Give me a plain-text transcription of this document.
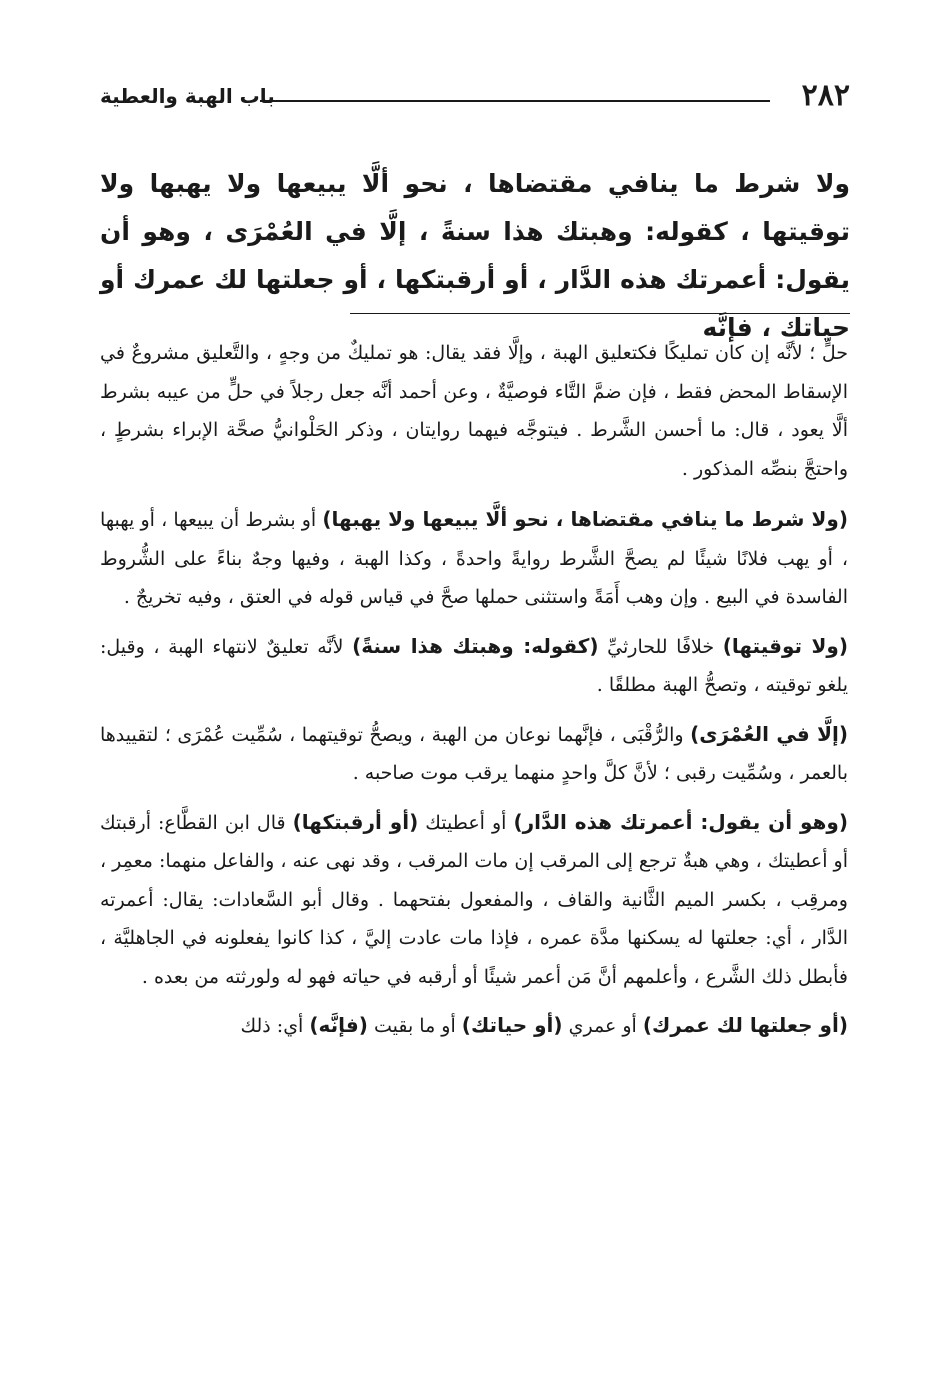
٢٨٢
باب الهبة والعطية
ولا شرط ما ينافي مقتضاها ، نحو ألَّا يبيعها ولا يهبها ولا توقيتها ، كقوله: وهبتك هذا سنةً ، إلَّا في العُمْرَى ، وهو أن يقول: أعمرتك هذه الدَّار ، أو أرقبتكها ، أو جعلتها لك عمرك أو حياتك ، فإنَّه

حلٍّ ؛ لأنَّه إن كان تمليكًا فكتعليق الهبة ، وإلَّا فقد يقال: هو تمليكٌ من وجهٍ ، والتَّعليق مشروعٌ في الإسقاط المحض فقط ، فإن ضمَّ التَّاء فوصيَّةٌ ، وعن أحمد أنَّه جعل رجلاً في حلٍّ من عيبه بشرط ألَّا يعود ، قال: ما أحسن الشَّرط . فيتوجَّه فيهما روايتان ، وذكر الحَلْوانيُّ صحَّة الإبراء بشرطٍ ، واحتجَّ بنصِّه المذكور .

(ولا شرط ما ينافي مقتضاها ، نحو ألَّا يبيعها ولا يهبها) أو بشرط أن يبيعها ، أو يهبها ، أو يهب فلانًا شيئًا لم يصحَّ الشَّرط روايةً واحدةً ، وكذا الهبة ، وفيها وجهٌ بناءً على الشُّروط الفاسدة في البيع . وإن وهب أَمَةً واستثنى حملها صحَّ في قياس قوله في العتق ، وفيه تخريجٌ .

(ولا توقيتها) خلافًا للحارثيِّ (كقوله: وهبتك هذا سنةً) لأنَّه تعليقٌ لانتهاء الهبة ، وقيل: يلغو توقيته ، وتصحُّ الهبة مطلقًا .

(إلَّا في العُمْرَى) والرُّقْبَى ، فإنَّهما نوعان من الهبة ، ويصحُّ توقيتهما ، سُمِّيت عُمْرَى ؛ لتقييدها بالعمر ، وسُمِّيت رقبى ؛ لأنَّ كلَّ واحدٍ منهما يرقب موت صاحبه .

(وهو أن يقول: أعمرتك هذه الدَّار) أو أعطيتك (أو أرقبتكها) قال ابن القطَّاع: أرقبتك أو أعطيتك ، وهي هبةٌ ترجع إلى المرقب إن مات المرقب ، وقد نهى عنه ، والفاعل منهما: معمِر ، ومرقِب ، بكسر الميم الثَّانية والقاف ، والمفعول بفتحهما . وقال أبو السَّعادات: يقال: أعمرته الدَّار ، أي: جعلتها له يسكنها مدَّة عمره ، فإذا مات عادت إليَّ ، كذا كانوا يفعلونه في الجاهليَّة ، فأبطل ذلك الشَّرع ، وأعلمهم أنَّ مَن أعمر شيئًا أو أرقبه في حياته فهو له ولورثته من بعده .

(أو جعلتها لك عمرك) أو عمري (أو حياتك) أو ما بقيت (فإنَّه) أي: ذلك
